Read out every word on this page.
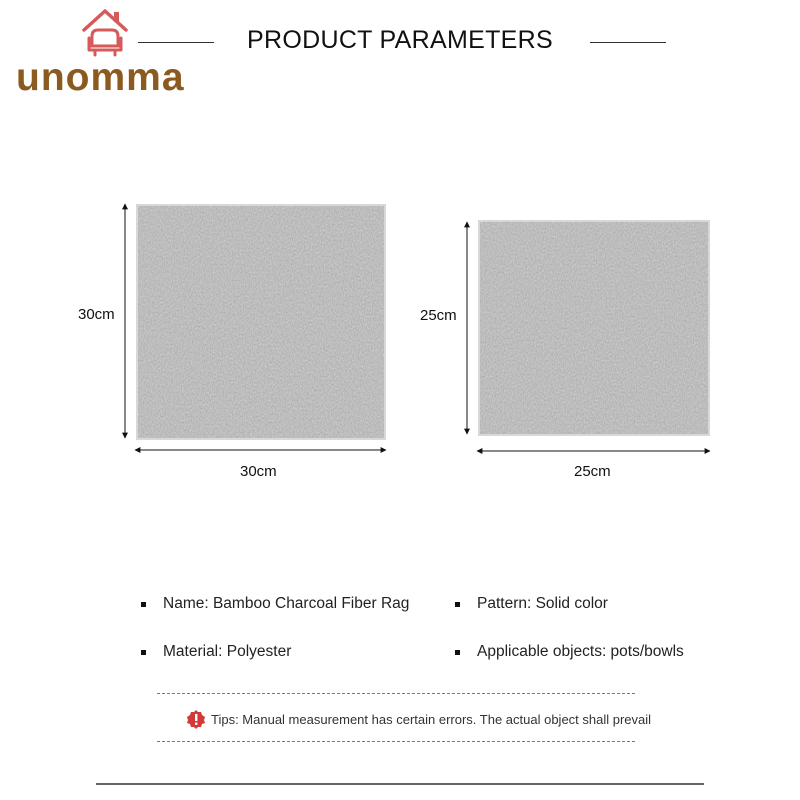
unomma
PRODUCT PARAMETERS
30cm
30cm
25cm
25cm
Name: Bamboo Charcoal Fiber Rag	Pattern: Solid color
Material: Polyester	Applicable objects: pots/bowls
Tips: Manual measurement has certain errors. The actual object shall prevail
